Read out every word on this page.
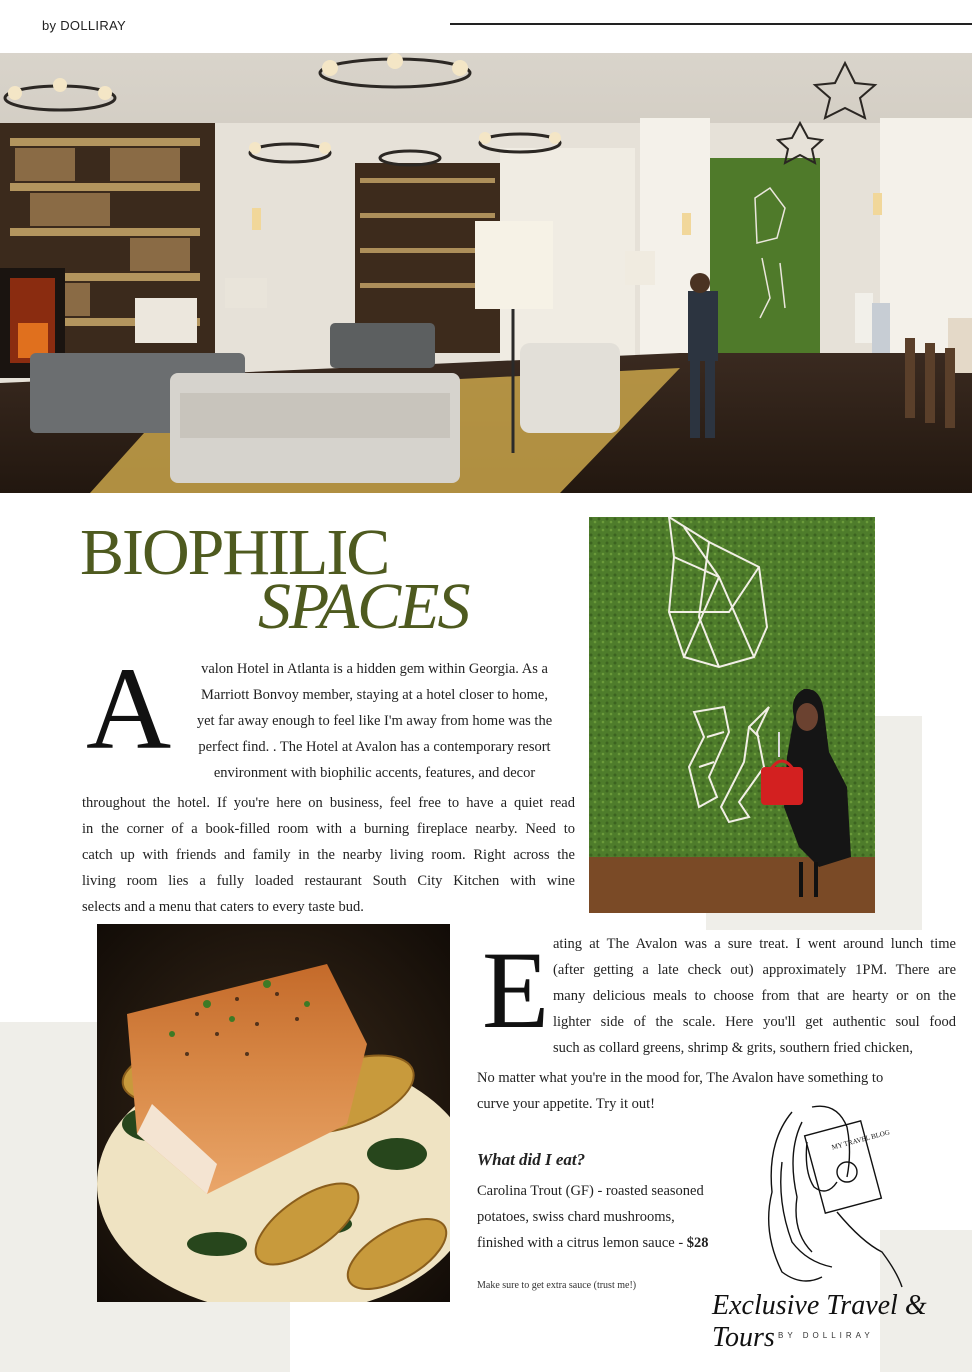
by DOLLIRAY
BIOPHILIC
SPACES
A	valon Hotel in Atlanta is a hidden gem within Georgia. As a
Marriott Bonvoy member, staying at a hotel closer to home,
yet far away enough to feel like I'm away from home was the
perfect find. . The Hotel at Avalon has a contemporary resort
environment with biophilic accents, features, and decor
throughout the hotel. If you're here on business, feel free to have a quiet read
in the corner of a book-filled room with a burning fireplace nearby. Need to
catch up with friends and family in the nearby living room. Right across the
living room lies a fully loaded restaurant South City Kitchen with wine
selects and a menu that caters to every taste bud.
E ating at The Avalon was a sure treat. I went around lunch time
(after getting a late check out) approximately 1PM. There are
many delicious meals to choose from that are hearty or on the
lighter side of the scale. Here you'll get authentic soul food
such as collard greens, shrimp & grits, southern fried chicken,
No matter what you're in the mood for, The Avalon have something to
curve your appetite. Try it out!
What did I eat?
Carolina Trout (GF) - roasted seasoned
potatoes, swiss chard mushrooms,
finished with a citrus lemon sauce - $28
Make sure to get extra sauce (trust me!)
MY TRAVEL BLOG
Exclusive Travel & Tours BY DOLLIRAY
